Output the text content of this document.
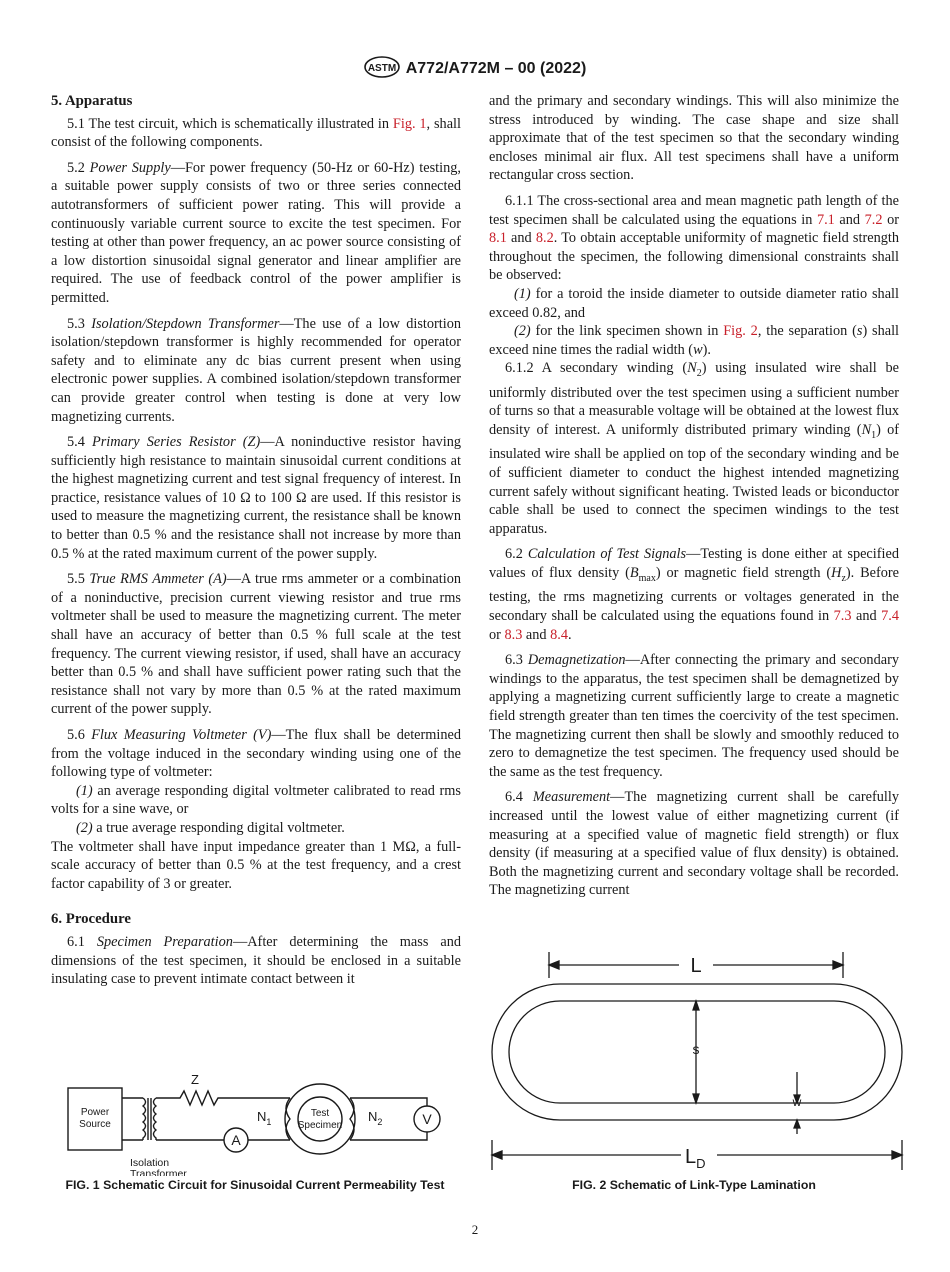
ASTM A772/A772M – 00 (2022)
5. Apparatus

5.1 The test circuit, which is schematically illustrated in Fig. 1, shall consist of the following components.

5.2 Power Supply—For power frequency (50-Hz or 60-Hz) testing, a suitable power supply consists of two or three series connected autotransformers of sufficient power rating. This will provide a continuously variable current source to excite the test specimen. For testing at other than power frequency, an ac power source consisting of a low distortion sinusoidal signal generator and linear amplifier are required. The use of feedback control of the power amplifier is permitted.

5.3 Isolation/Stepdown Transformer—The use of a low distortion isolation/stepdown transformer is highly recommended for operator safety and to eliminate any dc bias current present when using electronic power supplies. A combined isolation/stepdown transformer can provide greater control when testing is done at very low magnetizing currents.

5.4 Primary Series Resistor (Z)—A noninductive resistor having sufficiently high resistance to maintain sinusoidal current conditions at the highest magnetizing current and test signal frequency of interest. In practice, resistance values of 10 Ω to 100 Ω are used. If this resistor is used to measure the magnetizing current, the resistance shall be known to better than 0.5 % and the resistance shall not increase by more than 0.5 % at the rated maximum current of the power supply.

5.5 True RMS Ammeter (A)—A true rms ammeter or a combination of a noninductive, precision current viewing resistor and true rms voltmeter shall be used to measure the magnetizing current. The meter shall have an accuracy of better than 0.5 % full scale at the test frequency. The current viewing resistor, if used, shall have an accuracy better than 0.5 % and shall have sufficient power rating such that the resistance shall not vary by more than 0.5 % at the rated maximum current of the power supply.

5.6 Flux Measuring Voltmeter (V)—The flux shall be determined from the voltage induced in the secondary winding using one of the following type of voltmeter:

(1) an average responding digital voltmeter calibrated to read rms volts for a sine wave, or

(2) a true average responding digital voltmeter.

The voltmeter shall have input impedance greater than 1 MΩ, a full-scale accuracy of better than 0.5 % at the test frequency, and a crest factor capability of 3 or greater.

6. Procedure

6.1 Specimen Preparation—After determining the mass and dimensions of the test specimen, it should be enclosed in a suitable insulating case to prevent intimate contact between it

and the primary and secondary windings. This will also minimize the stress introduced by winding. The case shape and size shall approximate that of the test specimen so that the secondary winding encloses minimal air flux. All test specimens shall have a uniform rectangular cross section.

6.1.1 The cross-sectional area and mean magnetic path length of the test specimen shall be calculated using the equations in 7.1 and 7.2 or 8.1 and 8.2. To obtain acceptable uniformity of magnetic field strength throughout the specimen, the following dimensional constraints shall be observed:

(1) for a toroid the inside diameter to outside diameter ratio shall exceed 0.82, and

(2) for the link specimen shown in Fig. 2, the separation (s) shall exceed nine times the radial width (w).

6.1.2 A secondary winding $(N_2)$ using insulated wire shall be uniformly distributed over the test specimen using a sufficient number of turns so that a measurable voltage will be obtained at the lowest flux density of interest. A uniformly distributed primary winding $(N_1)$ of insulated wire shall be applied on top of the secondary winding and be of sufficient diameter to conduct the highest intended magnetizing current safely without significant heating. Twisted leads or biconductor cable shall be used to connect the specimen windings to the test apparatus.

6.2 Calculation of Test Signals—Testing is done either at specified values of flux density $(B_{max})$ or magnetic field strength $(H_z)$. Before testing, the rms magnetizing currents or voltages generated in the secondary shall be calculated using the equations found in 7.3 and 7.4 or 8.3 and 8.4.

6.3 Demagnetization—After connecting the primary and secondary windings to the apparatus, the test specimen shall be demagnetized by applying a magnetizing current sufficiently large to create a magnetic field strength greater than ten times the coercivity of the test specimen. The magnetizing current then shall be slowly and smoothly reduced to zero to demagnetize the test specimen. The frequency used should be the same as the test frequency.

6.4 Measurement—The magnetizing current shall be carefully increased until the lowest value of either magnetizing current (if measuring at a specified value of magnetic field strength) or flux density (if measuring at a specified value of flux density) is obtained. Both the magnetizing current and secondary voltage shall be recorded. The magnetizing current

Power
Source
Isolation
Transformer
Z
A
$N_1$	$N_2$
Test
Specimen	V
FIG. 1 Schematic Circuit for Sinusoidal Current Permeability Test
L
s
w
$L_D$
FIG. 2 Schematic of Link-Type Lamination
2
